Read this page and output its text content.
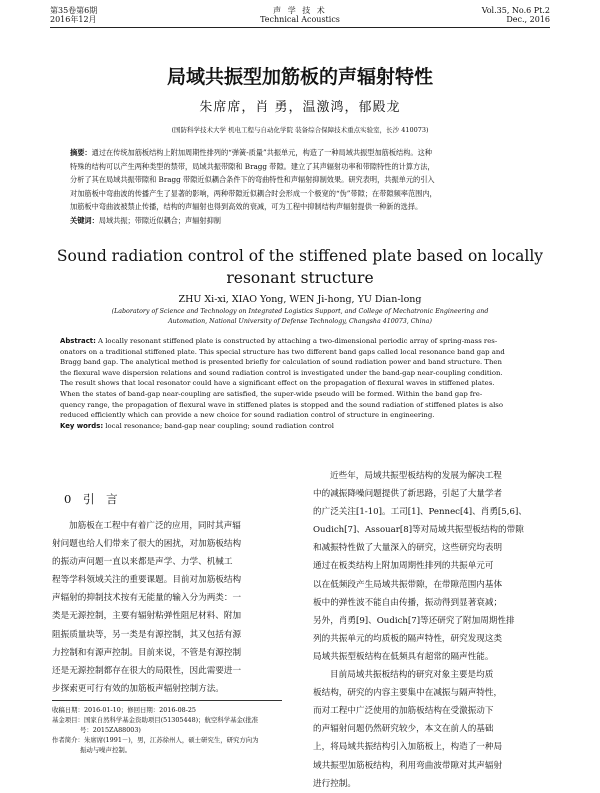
第35卷第6期
2016年12月
声 学 技 术
Technical Acoustics
Vol.35, No.6 Pt.2
Dec., 2016
局域共振型加筋板的声辐射特性
朱席席，肖 勇，温激鸿，郁殿龙
(国防科学技术大学 机电工程与自动化学院 装备综合保障技术重点实验室，长沙 410073)
摘要：通过在传统加筋板结构上附加周期性排列的“弹簧-质量”共振单元，构造了一种局域共振型加筋板结构。这种
特殊的结构可以产生两种类型的禁带，局域共振带隙和 Bragg 带隙。建立了其声辐射功率和带隙特性的计算方法，
分析了其在局域共振带隙和 Bragg 带隙近似耦合条件下的弯曲特性和声辐射抑制效果。研究表明，共振单元的引入
对加筋板中弯曲波的传播产生了显著的影响，两种带隙近似耦合时会形成一个极宽的“伪”带隙；在带隙频率范围内，
加筋板中弯曲波被禁止传播，结构的声辐射也得到高效的衰减，可为工程中抑制结构声辐射提供一种新的选择。
关键词：局域共振；带隙近似耦合；声辐射抑制
Sound radiation control of the stiffened plate based on locally
resonant structure
ZHU Xi-xi, XIAO Yong, WEN Ji-hong, YU Dian-long
(Laboratory of Science and Technology on Integrated Logistics Support, and College of Mechatronic Engineering and
Automation, National University of Defense Technology, Changsha 410073, China)
Abstract: A locally resonant stiffened plate is constructed by attaching a two-dimensional periodic array of spring-mass res-
onators on a traditional stiffened plate. This special structure has two different band gaps called local resonance band gap and
Bragg band gap. The analytical method is presented briefly for calculation of sound radiation power and band structure. Then
the flexural wave dispersion relations and sound radiation control is investigated under the band-gap near-coupling condition.
The result shows that local resonator could have a significant effect on the propagation of flexural waves in stiffened plates.
When the states of band-gap near-coupling are satisfied, the super-wide pseudo will be formed. Within the band gap fre-
quency range, the propagation of flexural wave in stiffened plates is stopped and the sound radiation of stiffened plates is also
reduced efficiently which can provide a new choice for sound radiation control of structure in engineering.
Key words: local resonance; band-gap near coupling; sound radiation control
0 引 言
加筋板在工程中有着广泛的应用，同时其声辐
射问题也给人们带来了很大的困扰，对加筋板结构
的振动声问题一直以来都是声学、力学、机械工
程等学科领域关注的重要课题。目前对加筋板结构
声辐射的抑制技术按有无能量的输入分为两类：一
类是无源控制，主要有辐射粘弹性阻尼材料、附加
阻振质量块等，另一类是有源控制，其又包括有源
力控制和有源声控制。目前来说，不管是有源控制
还是无源控制都存在很大的局限性，因此需要进一
步探索更可行有效的加筋板声辐射控制方法。
收稿日期：2016-01-10；修回日期：2016-08-25
基金项目：国家自然科学基金资助项目(51305448)；航空科学基金(批准
号：2015ZA88003)
作者简介：朱席席(1991－)，男，江苏徐州人，硕士研究生，研究方向为
振动与噪声控制。
近些年，局域共振型板结构的发展为解决工程
中的减振降噪问题提供了新思路，引起了大量学者
的广泛关注[1-10]。工司[1]、Pennec[4]、肖勇[5,6]、
Oudich[7]、Assouar[8]等对局域共振型板结构的带隙
和减振特性做了大量深入的研究，这些研究均表明
通过在板类结构上附加周期性排列的共振单元可
以在低频段产生局域共振带隙，在带隙范围内基体
板中的弹性波不能自由传播，振动得到显著衰减；
另外，肖勇[9]、Oudich[7]等还研究了附加周期性排
列的共振单元的均质板的隔声特性，研究发现这类
局域共振型板结构在低频具有超常的隔声性能。
目前局域共振板结构的研究对象主要是均质
板结构，研究的内容主要集中在减振与隔声特性，
而对工程中广泛使用的加筋板结构在受激振动下
的声辐射问题仍然研究较少，本文在前人的基础
上，将局域共振结构引入加筋板上，构造了一种局
域共振型加筋板结构，利用弯曲波带隙对其声辐射
进行控制。
